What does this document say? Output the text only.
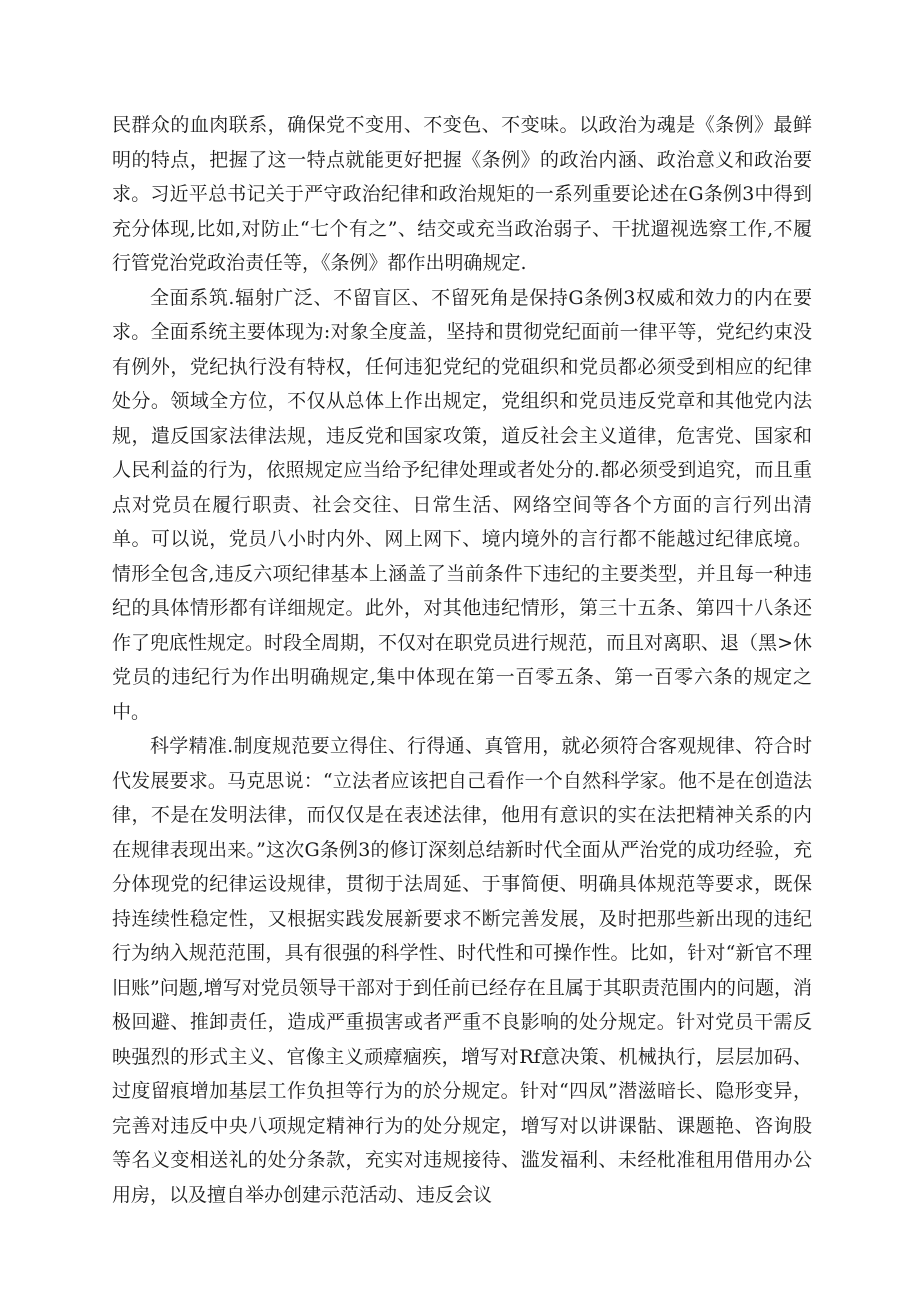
民群众的血肉联系，确保党不变用、不变色、不变味。以政治为魂是《条例》最鲜明的特点，把握了这一特点就能更好把握《条例》的政治内涵、政治意义和政治要求。习近平总书记关于严守政治纪律和政治规矩的一系列重要论述在G条例3中得到充分体现,比如,对防止“七个有之”、结交或充当政治弱子、干扰遛视选察工作,不履行管党治党政治责任等，《条例》都作出明确规定.

全面系筑.辐射广泛、不留盲区、不留死角是保持G条例3权威和效力的内在要求。全面系统主要体现为:对象全度盖，坚持和贯彻党纪面前一律平等，党纪约束没有例外，党纪执行没有特权，任何违犯党纪的党砠织和党员都必须受到相应的纪律处分。领域全方位，不仅从总体上作出规定，党组织和党员违反党章和其他党内法规，遣反国家法律法规，违反党和国家攻策，道反社会主义道律，危害党、国家和人民利益的行为，依照规定应当给予纪律处理或者处分的.都必须受到追究，而且重点对党员在履行职责、社会交往、日常生活、网络空间等各个方面的言行列出清单。可以说，党员八小时内外、网上网下、境内境外的言行都不能越过纪律底境。情形全包含,违反六项纪律基本上涵盖了当前条件下违纪的主要类型，并且每一种违纪的具体情形都有详细规定。此外，对其他违纪情形，第三十五条、第四十八条还作了兜底性规定。时段全周期，不仅对在职党员进行规范，而且对离职、退（黑>休党员的违纪行为作出明确规定,集中体现在第一百零五条、第一百零六条的规定之中。

科学精准.制度规范要立得住、行得通、真管用，就必须符合客观规律、符合时代发展要求。马克思说：“立法者应该把自己看作一个自然科学家。他不是在创造法律，不是在发明法律，而仅仅是在表述法律，他用有意识的实在法把精神关系的内在规律表现出来。”这次G条例3的修订深刻总结新时代全面从严治党的成功经验，充分体现党的纪律运设规律，贯彻于法周延、于事简便、明确具体规范等要求，既保持连续性稳定性，又根据实践发展新要求不断完善发展，及时把那些新出现的违纪行为纳入规范范围，具有很强的科学性、时代性和可操作性。比如，针对“新官不理旧账”问题,增写对党员领导干部对于到任前已经存在且属于其职责范围内的问题，消极回避、推卸责任，造成严重损害或者严重不良影响的处分规定。针对党员干需反映强烈的形式主义、官像主义顽瘴痼疾，增写对Rf意决策、机械执行，层层加码、过度留痕增加基层工作负担等行为的於分规定。针对“四凤”潜滋暗长、隐形变异，完善对违反中央八项规定精神行为的处分规定，增写对以讲课骷、课题艳、咨询股等名义变相送礼的处分条款，充实对违规接待、滥发福利、未经枇准租用借用办公用房，以及擅自举办创建示范活动、违反会议
